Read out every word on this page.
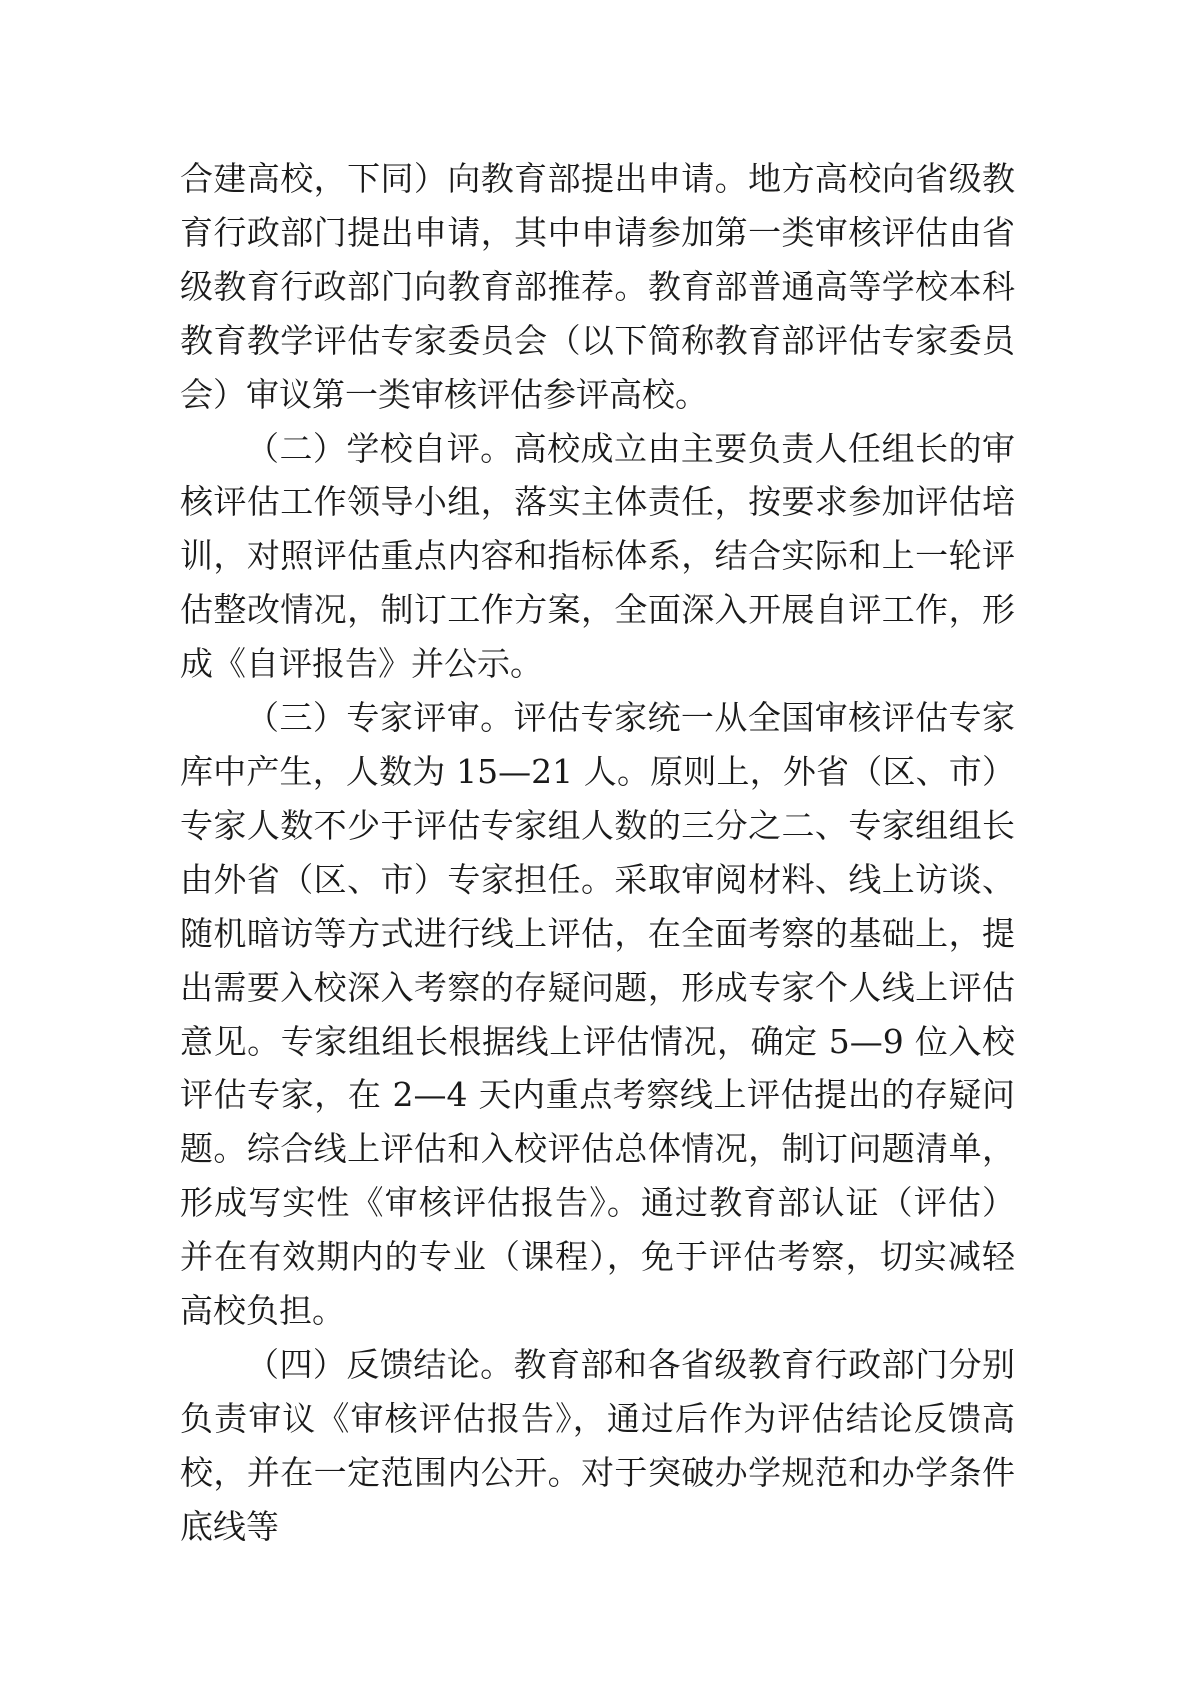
合建高校，下同）向教育部提出申请。地方高校向省级教育行政部门提出申请，其中申请参加第一类审核评估由省级教育行政部门向教育部推荐。教育部普通高等学校本科教育教学评估专家委员会（以下简称教育部评估专家委员会）审议第一类审核评估参评高校。

（二）学校自评。高校成立由主要负责人任组长的审核评估工作领导小组，落实主体责任，按要求参加评估培训，对照评估重点内容和指标体系，结合实际和上一轮评估整改情况，制订工作方案，全面深入开展自评工作，形成《自评报告》并公示。

（三）专家评审。评估专家统一从全国审核评估专家库中产生，人数为 15—21 人。原则上，外省（区、市）专家人数不少于评估专家组人数的三分之二、专家组组长由外省（区、市）专家担任。采取审阅材料、线上访谈、随机暗访等方式进行线上评估，在全面考察的基础上，提出需要入校深入考察的存疑问题，形成专家个人线上评估意见。专家组组长根据线上评估情况，确定 5—9 位入校评估专家，在 2—4 天内重点考察线上评估提出的存疑问题。综合线上评估和入校评估总体情况，制订问题清单，形成写实性《审核评估报告》。通过教育部认证（评估）并在有效期内的专业（课程），免于评估考察，切实减轻高校负担。

（四）反馈结论。教育部和各省级教育行政部门分别负责审议《审核评估报告》，通过后作为评估结论反馈高校，并在一定范围内公开。对于突破办学规范和办学条件底线等
